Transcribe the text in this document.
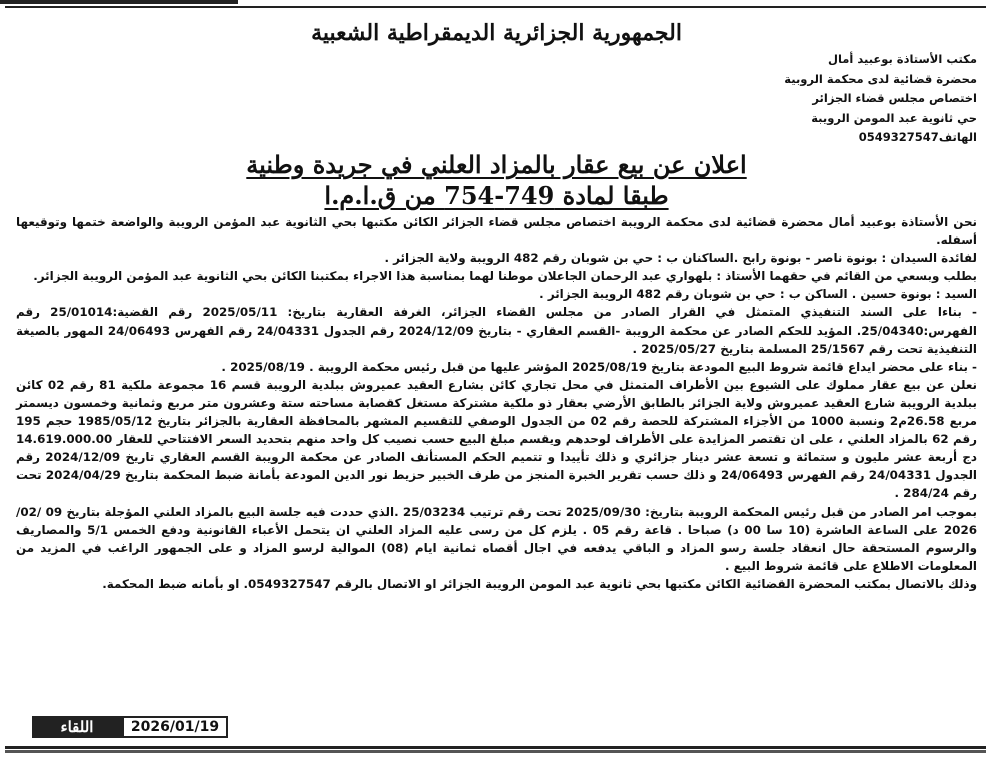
الجمهورية الجزائرية الديمقراطية الشعبية
مكتب الأستاذة بوعبيد أمال
محضرة قضائية لدى محكمة الروبية
اختصاص مجلس قضاء الجزائر
حي ثانوية عبد المومن الرويبة
الهاتف0549327547
اعلان عن بيع عقار بالمزاد العلني في جريدة وطنية
طبقا لمادة 749-754 من ق.ا.م.ا

نحن الأستاذة بوعبيد أمال محضرة قضائية لدى محكمة الرويبة اختصاص مجلس قضاء الجزائر الكائن مكتبها بحي الثانوية عبد المؤمن الرويبة والواضعة ختمها وتوقيعها أسفله.

لفائدة السيدان : بونوة ناصر - بونوة رابح .الساكنان ب : حي بن شوبان رقم 482 الرويبة ولاية الجزائر .

بطلب وبسعي من القائم في حقهما الأستاذ : بلهواري عبد الرحمان الجاعلان موطنا لهما بمناسبة هذا الاجراء بمكتبنا الكائن بحي الثانوية عبد المؤمن الرويبة الجزائر.

السيد : بونوة حسين . الساكن ب : حي بن شوبان رقم 482 الرويبة الجزائر .

- بناءا على السند التنفيذي المتمثل في القرار الصادر من مجلس القضاء الجزائر، الغرفة العقارية بتاريخ: 2025/05/11 رقم القضية:25/01014 رقم الفهرس:25/04340. المؤيد للحكم الصادر عن محكمة الرويبة -القسم العقاري - بتاريخ 2024/12/09 رقم الجدول 24/04331 رقم الفهرس 24/06493 المهور بالصيغة التنفيذية تحت رقم 25/1567 المسلمة بتاريخ 2025/05/27 .

- بناء على محضر ايداع قائمة شروط البيع المودعة بتاريخ 2025/08/19 المؤشر عليها من قبل رئيس محكمة الرويبة . 2025/08/19 .

نعلن عن بيع عقار مملوك على الشيوع بين الأطراف المتمثل في محل تجاري كائن بشارع العقيد عميروش ببلدية الرويبة قسم 16 مجموعة ملكية 81 رقم 02 كائن ببلدية الرويبة شارع العقيد عميروش ولاية الجزائر بالطابق الأرضي بعقار ذو ملكية مشتركة مستغل كقصابة مساحته ستة وعشرون متر مربع وثمانية وخمسون ديسمتر مربع 26.58م2 ونسبة 1000 من الأجزاء المشتركة للحصة رقم 02 من الجدول الوصفي للتقسيم المشهر بالمحافظة العقارية بالجزائر بتاريخ 1985/05/12 حجم 195 رقم 62 بالمزاد العلني ، على ان تقتصر المزايدة على الأطراف لوحدهم ويقسم مبلغ البيع حسب نصيب كل واحد منهم بتحديد السعر الافتتاحي للعقار 14.619.000.00 دج أربعة عشر مليون و ستمائة و تسعة عشر دينار جزائري و ذلك تأييدا و تتميم الحكم المستأنف الصادر عن محكمة الرويبة القسم العقاري تاريخ 2024/12/09 رقم الجدول 24/04331 رقم الفهرس 24/06493 و ذلك حسب تقرير الخبرة المنجز من طرف الخبير حزيط نور الدين المودعة بأمانة ضبط المحكمة بتاريخ 2024/04/29 تحت رقم 284/24 .

بموجب امر الصادر من قبل رئيس المحكمة الرويبة بتاريخ: 2025/09/30 تحت رقم ترتيب 25/03234 .الذي حددت فيه جلسة البيع بالمزاد العلني المؤجلة بتاريخ 09 /02/ 2026 على الساعة العاشرة (10 سا 00 د) صباحا . قاعة رقم 05 . يلزم كل من رسى عليه المزاد العلني ان يتحمل الأعباء القانونية ودفع الخمس 5/1 والمصاريف والرسوم المستحقة حال انعقاد جلسة رسو المزاد و الباقي يدفعه في اجال أقصاه ثمانية ايام (08) الموالية لرسو المزاد و على الجمهور الراغب في المزيد من المعلومات الاطلاع على قائمة شروط البيع .

وذلك بالاتصال بمكتب المحضرة القضائية الكائن مكتبها بحي ثانوية عبد المومن الرويبة الجزائر او الاتصال بالرقم 0549327547. او بأمانه ضبط المحكمة.

اللقاء	2026/01/19
